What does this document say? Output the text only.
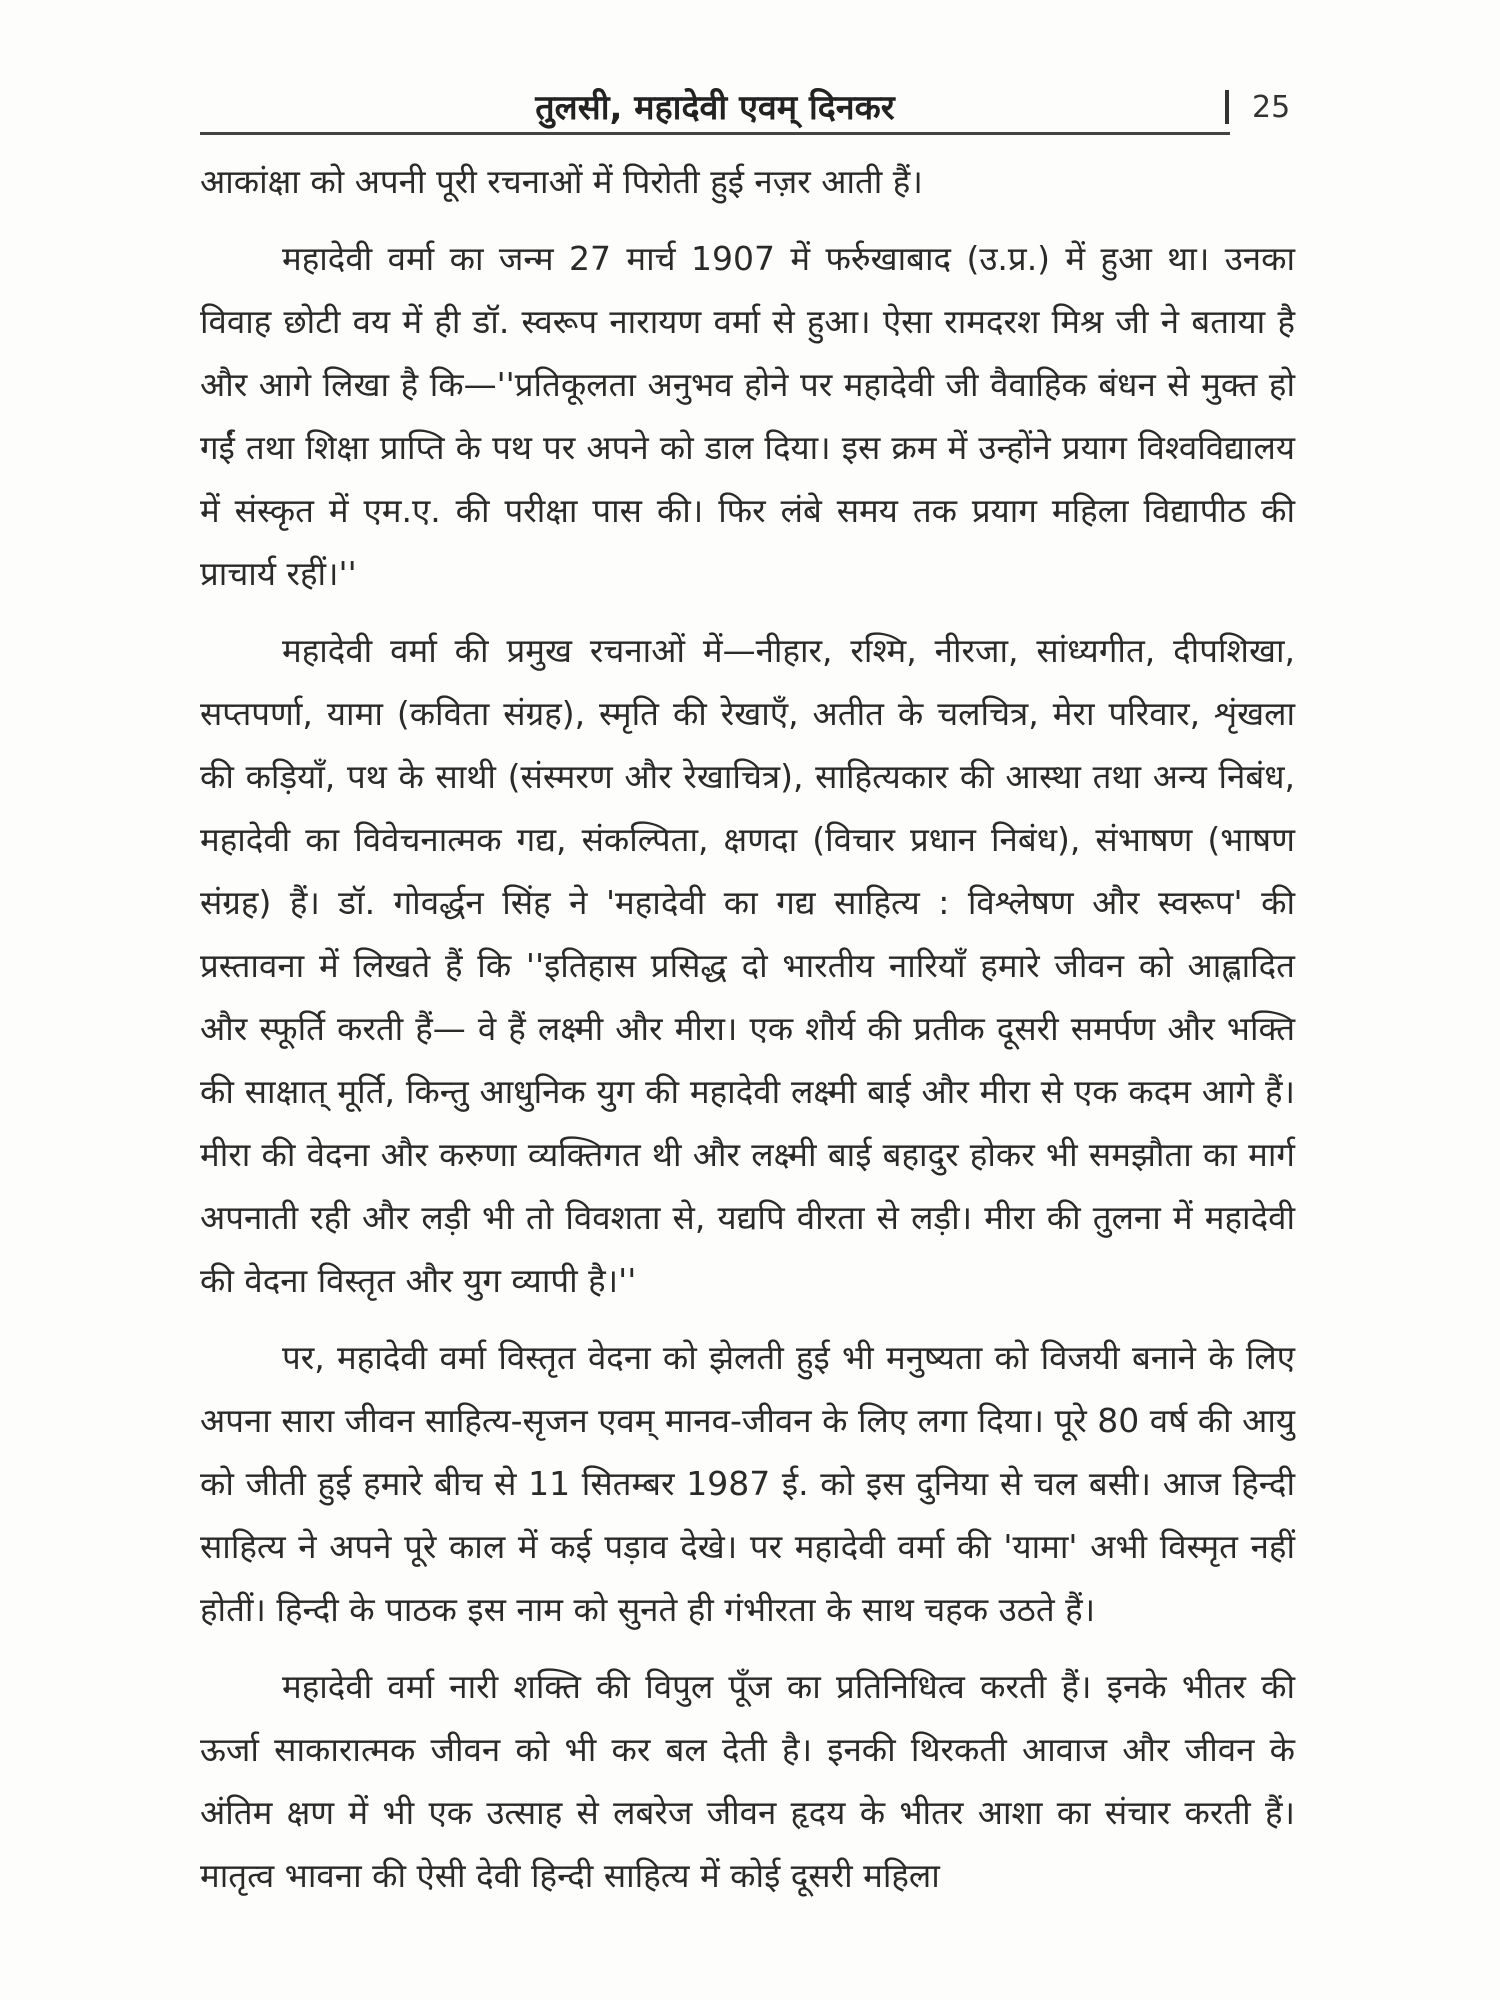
तुलसी, महादेवी एवम् दिनकर	25

आकांक्षा को अपनी पूरी रचनाओं में पिरोती हुई नज़र आती हैं।

महादेवी वर्मा का जन्म 27 मार्च 1907 में फर्रुखाबाद (उ.प्र.) में हुआ था। उनका विवाह छोटी वय में ही डॉ. स्वरूप नारायण वर्मा से हुआ। ऐसा रामदरश मिश्र जी ने बताया है और आगे लिखा है कि—''प्रतिकूलता अनुभव होने पर महादेवी जी वैवाहिक बंधन से मुक्त हो गईं तथा शिक्षा प्राप्ति के पथ पर अपने को डाल दिया। इस क्रम में उन्होंने प्रयाग विश्वविद्यालय में संस्कृत में एम.ए. की परीक्षा पास की। फिर लंबे समय तक प्रयाग महिला विद्यापीठ की प्राचार्य रहीं।''

महादेवी वर्मा की प्रमुख रचनाओं में—नीहार, रश्मि, नीरजा, सांध्यगीत, दीपशिखा, सप्तपर्णा, यामा (कविता संग्रह), स्मृति की रेखाएँ, अतीत के चलचित्र, मेरा परिवार, शृंखला की कड़ियाँ, पथ के साथी (संस्मरण और रेखाचित्र), साहित्यकार की आस्था तथा अन्य निबंध, महादेवी का विवेचनात्मक गद्य, संकल्पिता, क्षणदा (विचार प्रधान निबंध), संभाषण (भाषण संग्रह) हैं। डॉ. गोवर्द्धन सिंह ने 'महादेवी का गद्य साहित्य : विश्लेषण और स्वरूप' की प्रस्तावना में लिखते हैं कि ''इतिहास प्रसिद्ध दो भारतीय नारियाँ हमारे जीवन को आह्लादित और स्फूर्ति करती हैं— वे हैं लक्ष्मी और मीरा। एक शौर्य की प्रतीक दूसरी समर्पण और भक्ति की साक्षात् मूर्ति, किन्तु आधुनिक युग की महादेवी लक्ष्मी बाई और मीरा से एक कदम आगे हैं। मीरा की वेदना और करुणा व्यक्तिगत थी और लक्ष्मी बाई बहादुर होकर भी समझौता का मार्ग अपनाती रही और लड़ी भी तो विवशता से, यद्यपि वीरता से लड़ी। मीरा की तुलना में महादेवी की वेदना विस्तृत और युग व्यापी है।''

पर, महादेवी वर्मा विस्तृत वेदना को झेलती हुई भी मनुष्यता को विजयी बनाने के लिए अपना सारा जीवन साहित्य-सृजन एवम् मानव-जीवन के लिए लगा दिया। पूरे 80 वर्ष की आयु को जीती हुई हमारे बीच से 11 सितम्बर 1987 ई. को इस दुनिया से चल बसी। आज हिन्दी साहित्य ने अपने पूरे काल में कई पड़ाव देखे। पर महादेवी वर्मा की 'यामा' अभी विस्मृत नहीं होतीं। हिन्दी के पाठक इस नाम को सुनते ही गंभीरता के साथ चहक उठते हैं।

महादेवी वर्मा नारी शक्ति की विपुल पूँज का प्रतिनिधित्व करती हैं। इनके भीतर की ऊर्जा साकारात्मक जीवन को भी कर बल देती है। इनकी थिरकती आवाज और जीवन के अंतिम क्षण में भी एक उत्साह से लबरेज जीवन हृदय के भीतर आशा का संचार करती हैं। मातृत्व भावना की ऐसी देवी हिन्दी साहित्य में कोई दूसरी महिला
